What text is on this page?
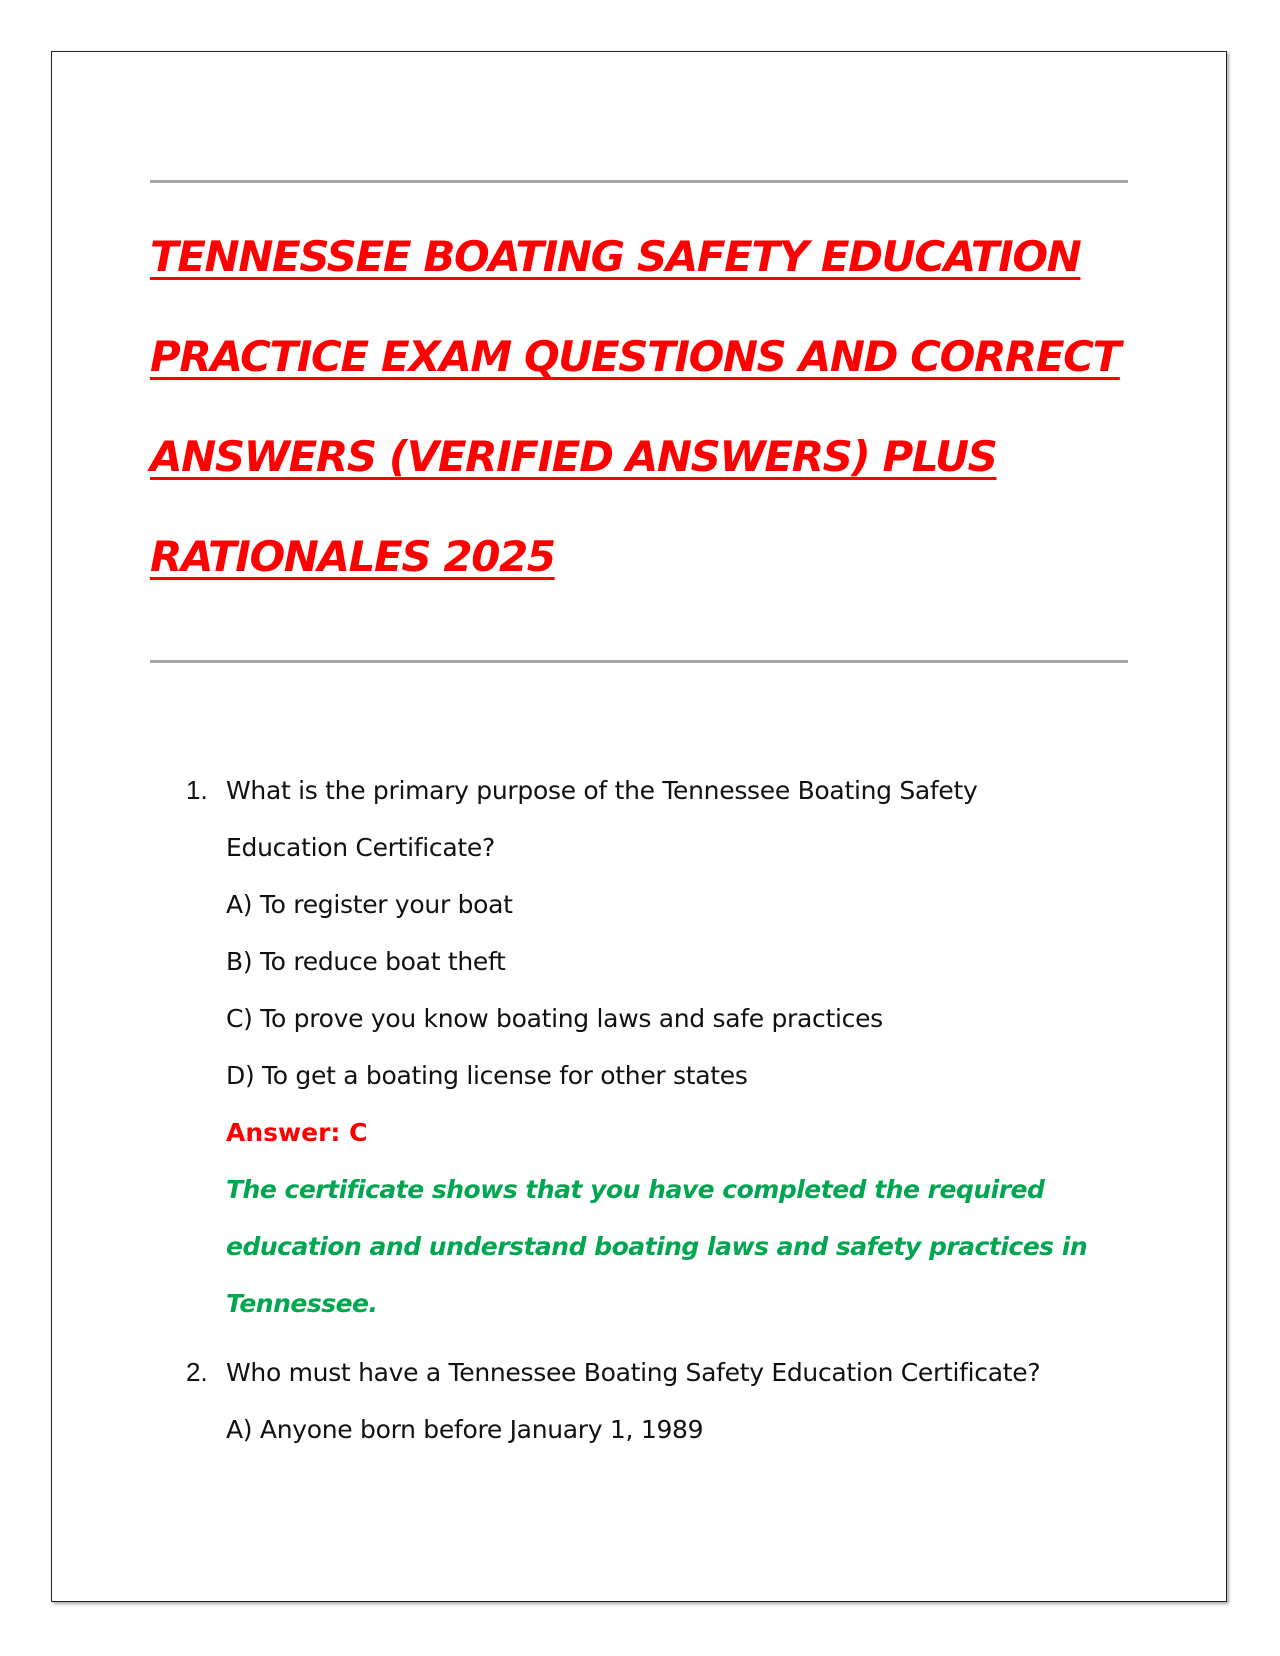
TENNESSEE BOATING SAFETY EDUCATION
PRACTICE EXAM QUESTIONS AND CORRECT
ANSWERS (VERIFIED ANSWERS) PLUS
RATIONALES 2025
1. What is the primary purpose of the Tennessee Boating Safety
Education Certificate?
A) To register your boat
B) To reduce boat theft
C) To prove you know boating laws and safe practices
D) To get a boating license for other states
Answer: C
The certificate shows that you have completed the required
education and understand boating laws and safety practices in
Tennessee.
2. Who must have a Tennessee Boating Safety Education Certificate?
A) Anyone born before January 1, 1989
